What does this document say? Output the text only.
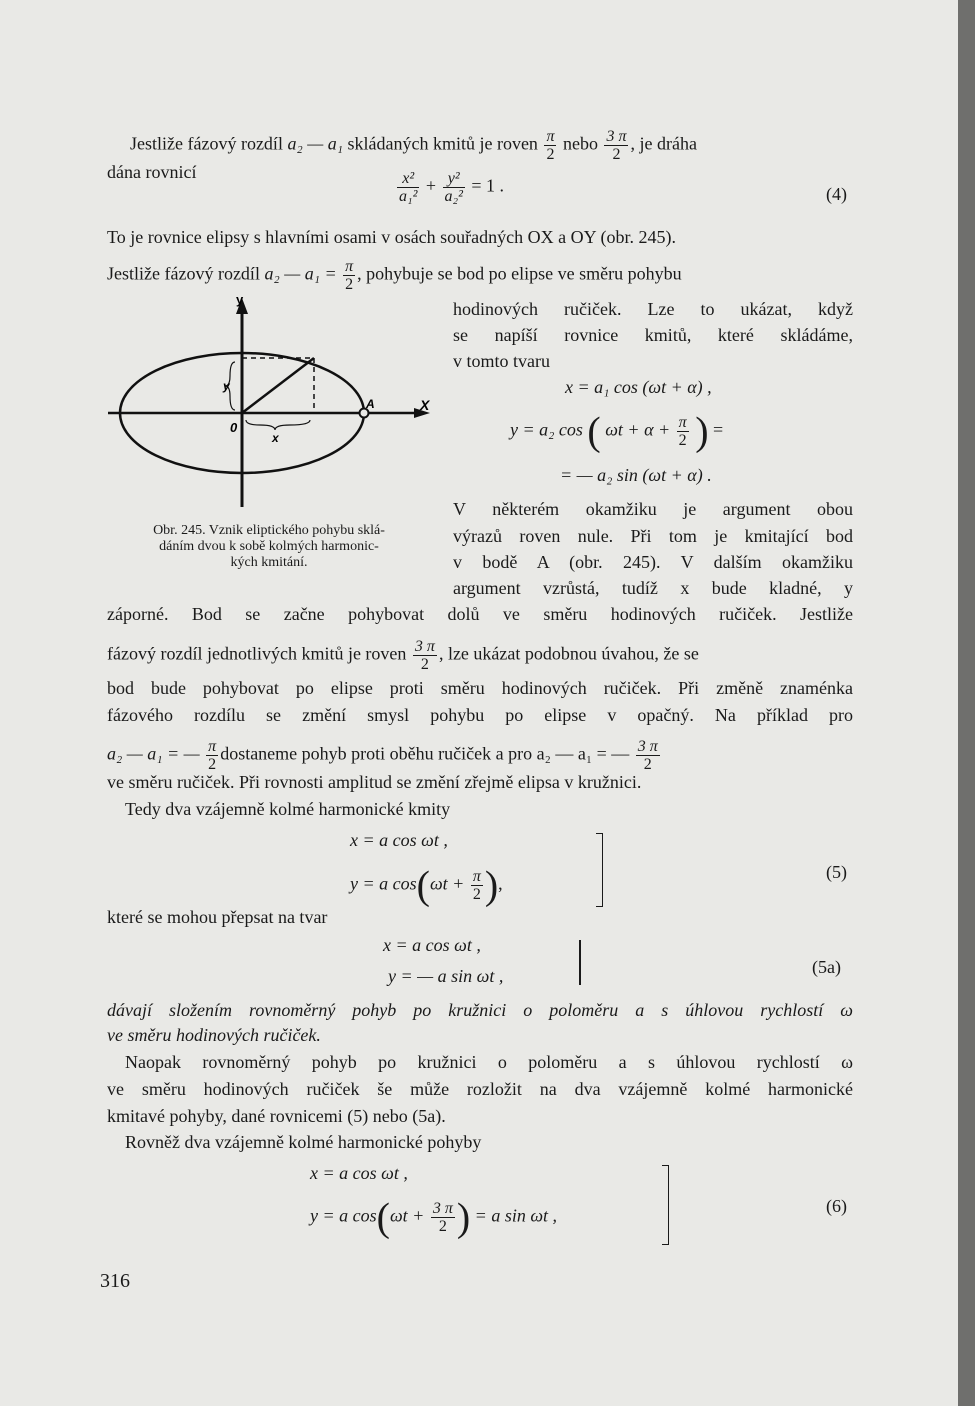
Jestliže fázový rozdíl a₂ — a₁ skládaných kmitů je roven $\frac{\pi}{2}$ nebo $\frac{3 \pi}{2}$ , je dráha
dána rovnicí	$\frac{\text{x²}}{\text{a₁²}} + \frac{\text{y²}}{\text{a₂²}} = 1$ .	(4)
To je rovnice elipsy s hlavními osami v osách souřadných OX a OY (obr. 245).
Jestliže fázový rozdíl a₂ — $a_1 = \frac{\pi}{2}$ , pohybuje se bod po elipse ve směru pohybu
hodinových ručiček. Lze to ukázat, když
se napíší rovnice kmitů, které skládáme,
v tomto tvaru
x = a₁ cos (ωt + α) ,
y = a₂ cos ( $\omega t + \alpha + \frac{\pi}{2}$ ) =
= — a₂ sin (ωt + α) .
V některém okamžiku je argument obou
výrazů roven nule. Při tom je kmitající bod
v bodě A (obr. 245). V dalším okamžiku
argument vzrůstá, tudíž x bude kladné, y
y
X
0
A
y
x
Obr. 245. Vznik eliptického pohybu sklá-
dáním dvou k sobě kolmých harmonic-
kých kmitání.
záporné. Bod se začne pohybovat dolů ve směru hodinových ručiček. Jestliže
fázový rozdíl jednotlivých kmitů je roven $\frac{3 \pi}{2}$ , lze ukázat podobnou úvahou, že se
bod bude pohybovat po elipse proti směru hodinových ručiček. Při změně znaménka
fázového rozdílu se změní smysl pohybu po elipse v opačný. Na příklad pro
a₂ — a₁ = — $\frac{\pi}{2}$ dostaneme pohyb proti oběhu ručiček a pro a₂ — a₁ = — $\frac{3 \pi}{2}$
ve směru ručiček. Při rovnosti amplitud se změní zřejmě elipsa v kružnici.
Tedy dva vzájemně kolmé harmonické kmity
x = a cos ωt ,
y = a $\cos(\omega t + \frac{\pi}{2}$ ),
(5)
které se mohou přepsat na tvar
x = a cos ωt ,
y = — a sin ωt ,	(5a)
dávají složením rovnoměrný pohyb po kružnici o poloměru a s úhlovou rychlostí ω
ve směru hodinových ručiček.
Naopak rovnoměrný pohyb po kružnici o poloměru a s úhlovou rychlostí ω
ve směru hodinových ručiček še může rozložit na dva vzájemně kolmé harmonické
kmitavé pohyby, dané rovnicemi (5) nebo (5a).
Rovněž dva vzájemně kolmé harmonické pohyby
x = a cos ωt ,
y = a $\cos(\omega t + \frac{3 \pi}{2}$ ) = a sin ωt ,	(6)
316
